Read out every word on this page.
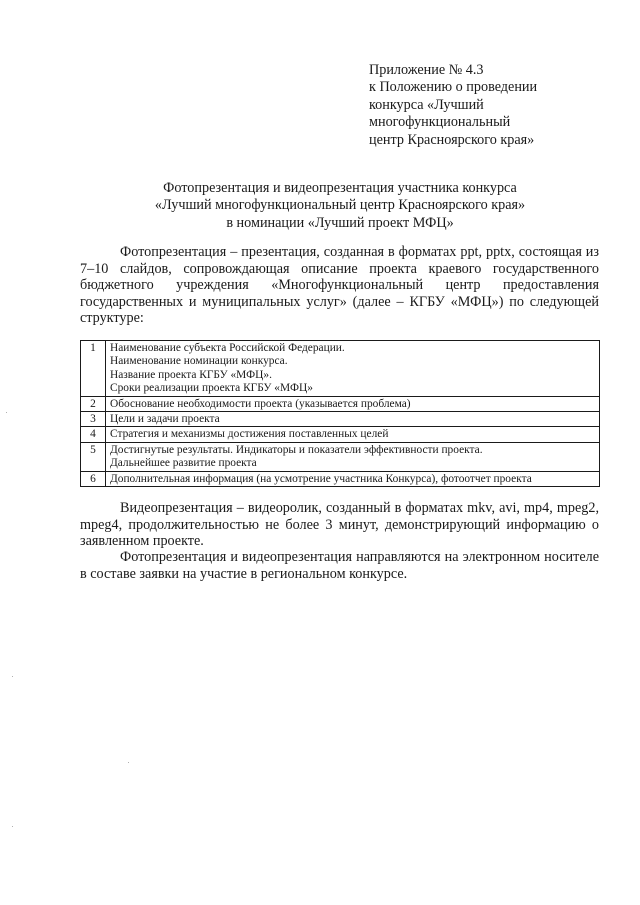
Приложение № 4.3
к Положению о проведении
конкурса «Лучший
многофункциональный
центр Красноярского края»
Фотопрезентация и видеопрезентация участника конкурса
«Лучший многофункциональный центр Красноярского края»
в номинации «Лучший проект МФЦ»

Фотопрезентация – презентация, созданная в форматах ppt, pptx, состоящая из 7–10 слайдов, сопровождающая описание проекта краевого государственного бюджетного учреждения «Многофункциональный центр предоставления государственных и муниципальных услуг» (далее – КГБУ «МФЦ») по следующей структуре:

1	Наименование субъекта Российской Федерации.
Наименование номинации конкурса.
Название проекта КГБУ «МФЦ».
Сроки реализации проекта КГБУ «МФЦ»

2	Обоснование необходимости проекта (указывается проблема)

3	Цели и задачи проекта

4	Стратегия и механизмы достижения поставленных целей

5	Достигнутые результаты. Индикаторы и показатели эффективности проекта.
Дальнейшее развитие проекта

6	Дополнительная информация (на усмотрение участника Конкурса), фотоотчет проекта

Видеопрезентация – видеоролик, созданный в форматах mkv, avi, mp4, mpeg2, mpeg4, продолжительностью не более 3 минут, демонстрирующий информацию о заявленном проекте.

Фотопрезентация и видеопрезентация направляются на электронном носителе в составе заявки на участие в региональном конкурсе.
